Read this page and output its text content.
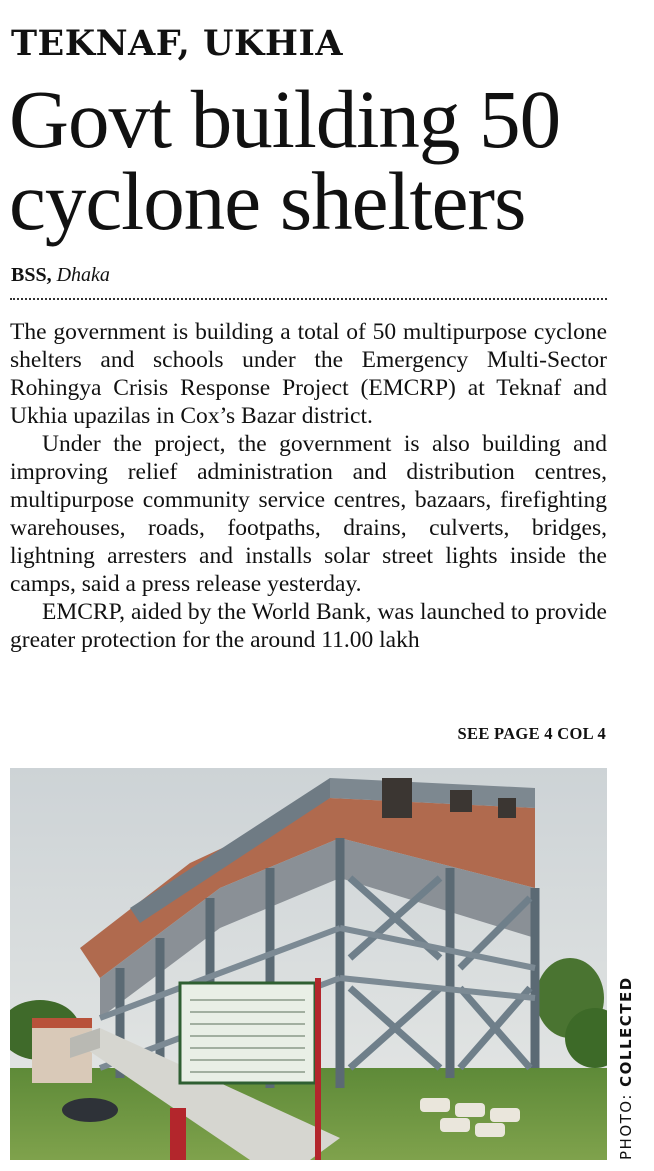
TEKNAF, UKHIA
Govt building 50
cyclone shelters
BSS, Dhaka

The government is building a total of 50 multipurpose cyclone shelters and schools under the Emergency Multi-Sector Rohingya Crisis Response Project (EMCRP) at Teknaf and Ukhia upazilas in Cox’s Bazar district.

Under the project, the government is also building and improving relief administration and distribution centres, multipurpose community service centres, bazaars, firefighting warehouses, roads, footpaths, drains, culverts, bridges, lightning arresters and installs solar street lights inside the camps, said a press release yesterday.

EMCRP, aided by the World Bank, was launched to provide greater protection for the around 11.00 lakh

SEE PAGE 4 COL 4
PHOTO: COLLECTED
